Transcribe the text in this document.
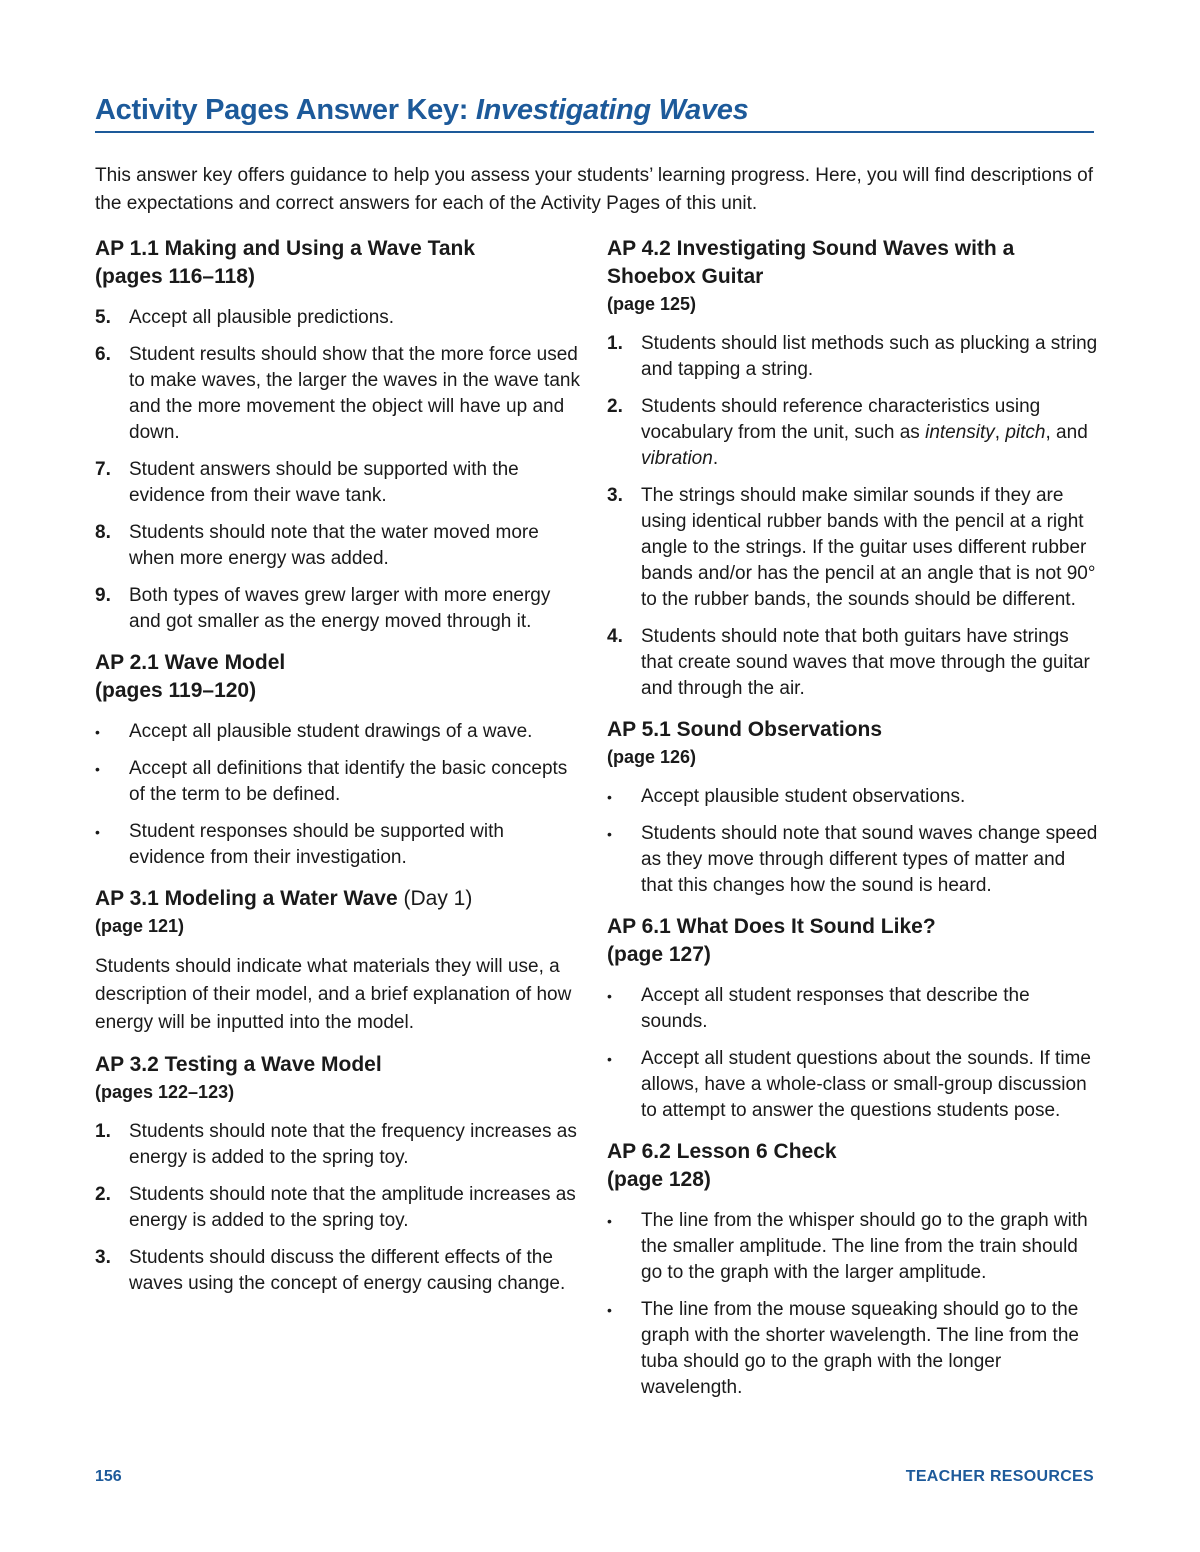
Activity Pages Answer Key: Investigating Waves

This answer key offers guidance to help you assess your students’ learning progress. Here, you will find descriptions of the expectations and correct answers for each of the Activity Pages of this unit.

AP 1.1 Making and Using a Wave Tank

(pages 116–118)

5. Accept all plausible predictions.
6. Student results should show that the more force used to make waves, the larger the waves in the wave tank and the more movement the object will have up and down.
7. Student answers should be supported with the evidence from their wave tank.
8. Students should note that the water moved more when more energy was added.
9. Both types of waves grew larger with more energy and got smaller as the energy moved through it.
AP 2.1 Wave Model

(pages 119–120)

• Accept all plausible student drawings of a wave.
• Accept all definitions that identify the basic concepts of the term to be defined.
• Student responses should be supported with evidence from their investigation.
AP 3.1 Modeling a Water Wave (Day 1)

(page 121)

Students should indicate what materials they will use, a description of their model, and a brief explanation of how energy will be inputted into the model.

AP 3.2 Testing a Wave Model

(pages 122–123)

1. Students should note that the frequency increases as energy is added to the spring toy.
2. Students should note that the amplitude increases as energy is added to the spring toy.
3. Students should discuss the different effects of the waves using the concept of energy causing change.
AP 4.2 Investigating Sound Waves with a Shoebox Guitar

(page 125)

1. Students should list methods such as plucking a string and tapping a string.
2. Students should reference characteristics using vocabulary from the unit, such as intensity, pitch, and vibration.
3. The strings should make similar sounds if they are using identical rubber bands with the pencil at a right angle to the strings. If the guitar uses different rubber bands and/or has the pencil at an angle that is not 90° to the rubber bands, the sounds should be different.
4. Students should note that both guitars have strings that create sound waves that move through the guitar and through the air.
AP 5.1 Sound Observations

(page 126)

• Accept plausible student observations.
• Students should note that sound waves change speed as they move through different types of matter and that this changes how the sound is heard.
AP 6.1 What Does It Sound Like?

(page 127)

• Accept all student responses that describe the sounds.
• Accept all student questions about the sounds. If time allows, have a whole-class or small-group discussion to attempt to answer the questions students pose.
AP 6.2 Lesson 6 Check

(page 128)

• The line from the whisper should go to the graph with the smaller amplitude. The line from the train should go to the graph with the larger amplitude.
• The line from the mouse squeaking should go to the graph with the shorter wavelength. The line from the tuba should go to the graph with the longer wavelength.
156	TEACHER RESOURCES
